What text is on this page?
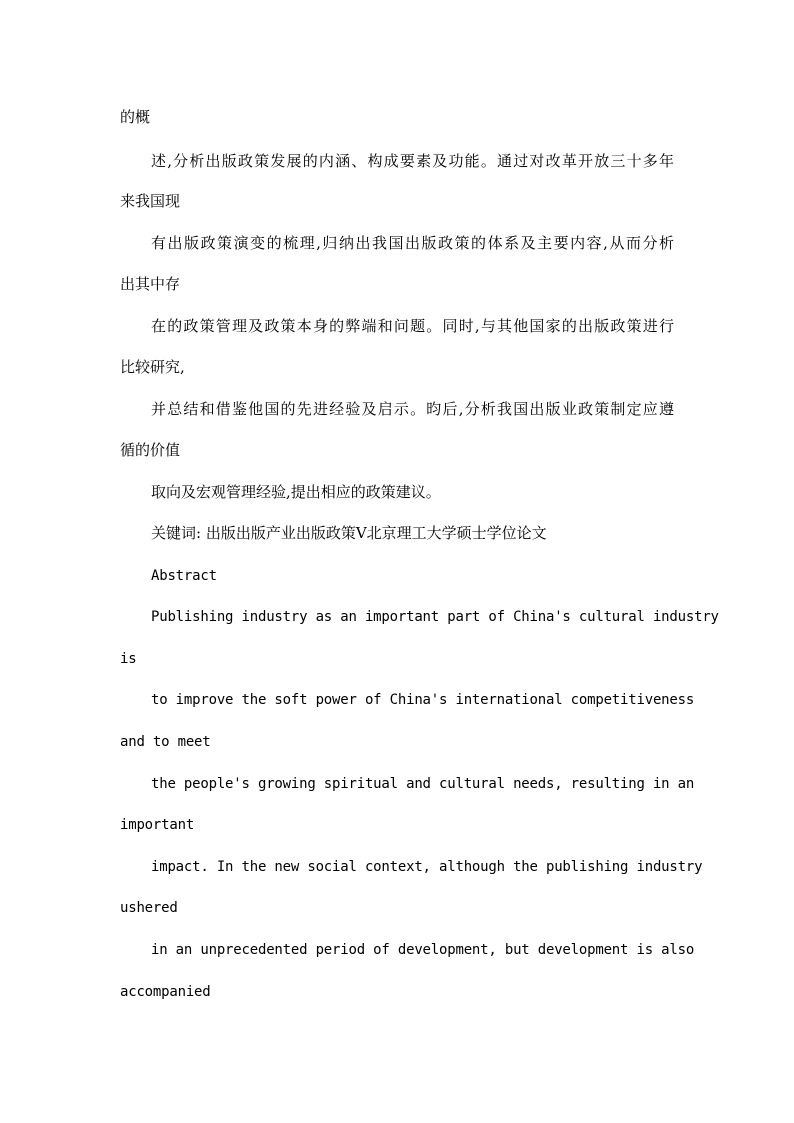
的概
述,分析出版政策发展的内涵、构成要素及功能。通过对改革开放三十多年
来我国现
有出版政策演变的梳理,归纳出我国出版政策的体系及主要内容,从而分析
出其中存
在的政策管理及政策本身的弊端和问题。同时,与其他国家的出版政策进行
比较研究,
并总结和借鉴他国的先进经验及启示。昀后,分析我国出版业政策制定应遵
循的价值
取向及宏观管理经验,提出相应的政策建议。
关键词: 出版出版产业出版政策Ⅴ北京理工大学硕士学位论文
Abstract
Publishing industry as an important part of China's cultural industry
is
to improve the soft power of China's international competitiveness
and to meet
the people's growing spiritual and cultural needs, resulting in an
important
impact. In the new social context, although the publishing industry
ushered
in an unprecedented period of development, but development is also
accompanied
